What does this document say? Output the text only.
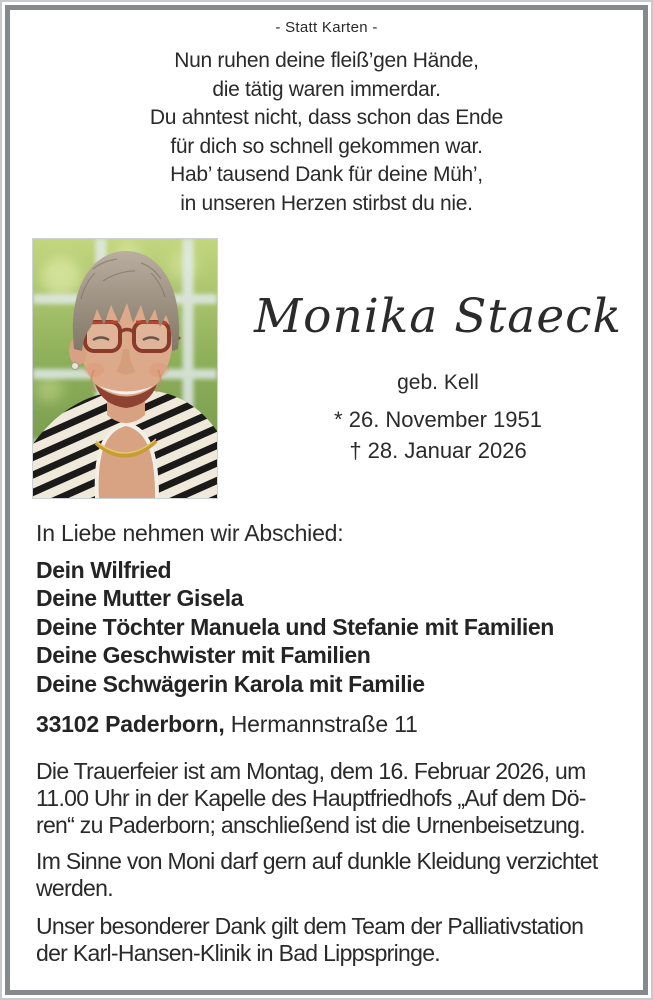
- Statt Karten -
Nun ruhen deine fleiß’gen Hände,
die tätig waren immerdar.
Du ahntest nicht, dass schon das Ende
für dich so schnell gekommen war.
Hab’ tausend Dank für deine Müh’,
in unseren Herzen stirbst du nie.
Monika Staeck
geb. Kell
* 26. November 1951
† 28. Januar 2026
In Liebe nehmen wir Abschied:
Dein Wilfried
Deine Mutter Gisela
Deine Töchter Manuela und Stefanie mit Familien
Deine Geschwister mit Familien
Deine Schwägerin Karola mit Familie
33102 Paderborn, Hermannstraße 11
Die Trauerfeier ist am Montag, dem 16. Februar 2026, um
11.00 Uhr in der Kapelle des Hauptfriedhofs „Auf dem Dö-
ren“ zu Paderborn; anschließend ist die Urnenbeisetzung.
Im Sinne von Moni darf gern auf dunkle Kleidung verzichtet
werden.
Unser besonderer Dank gilt dem Team der Palliativstation
der Karl-Hansen-Klinik in Bad Lippspringe.
